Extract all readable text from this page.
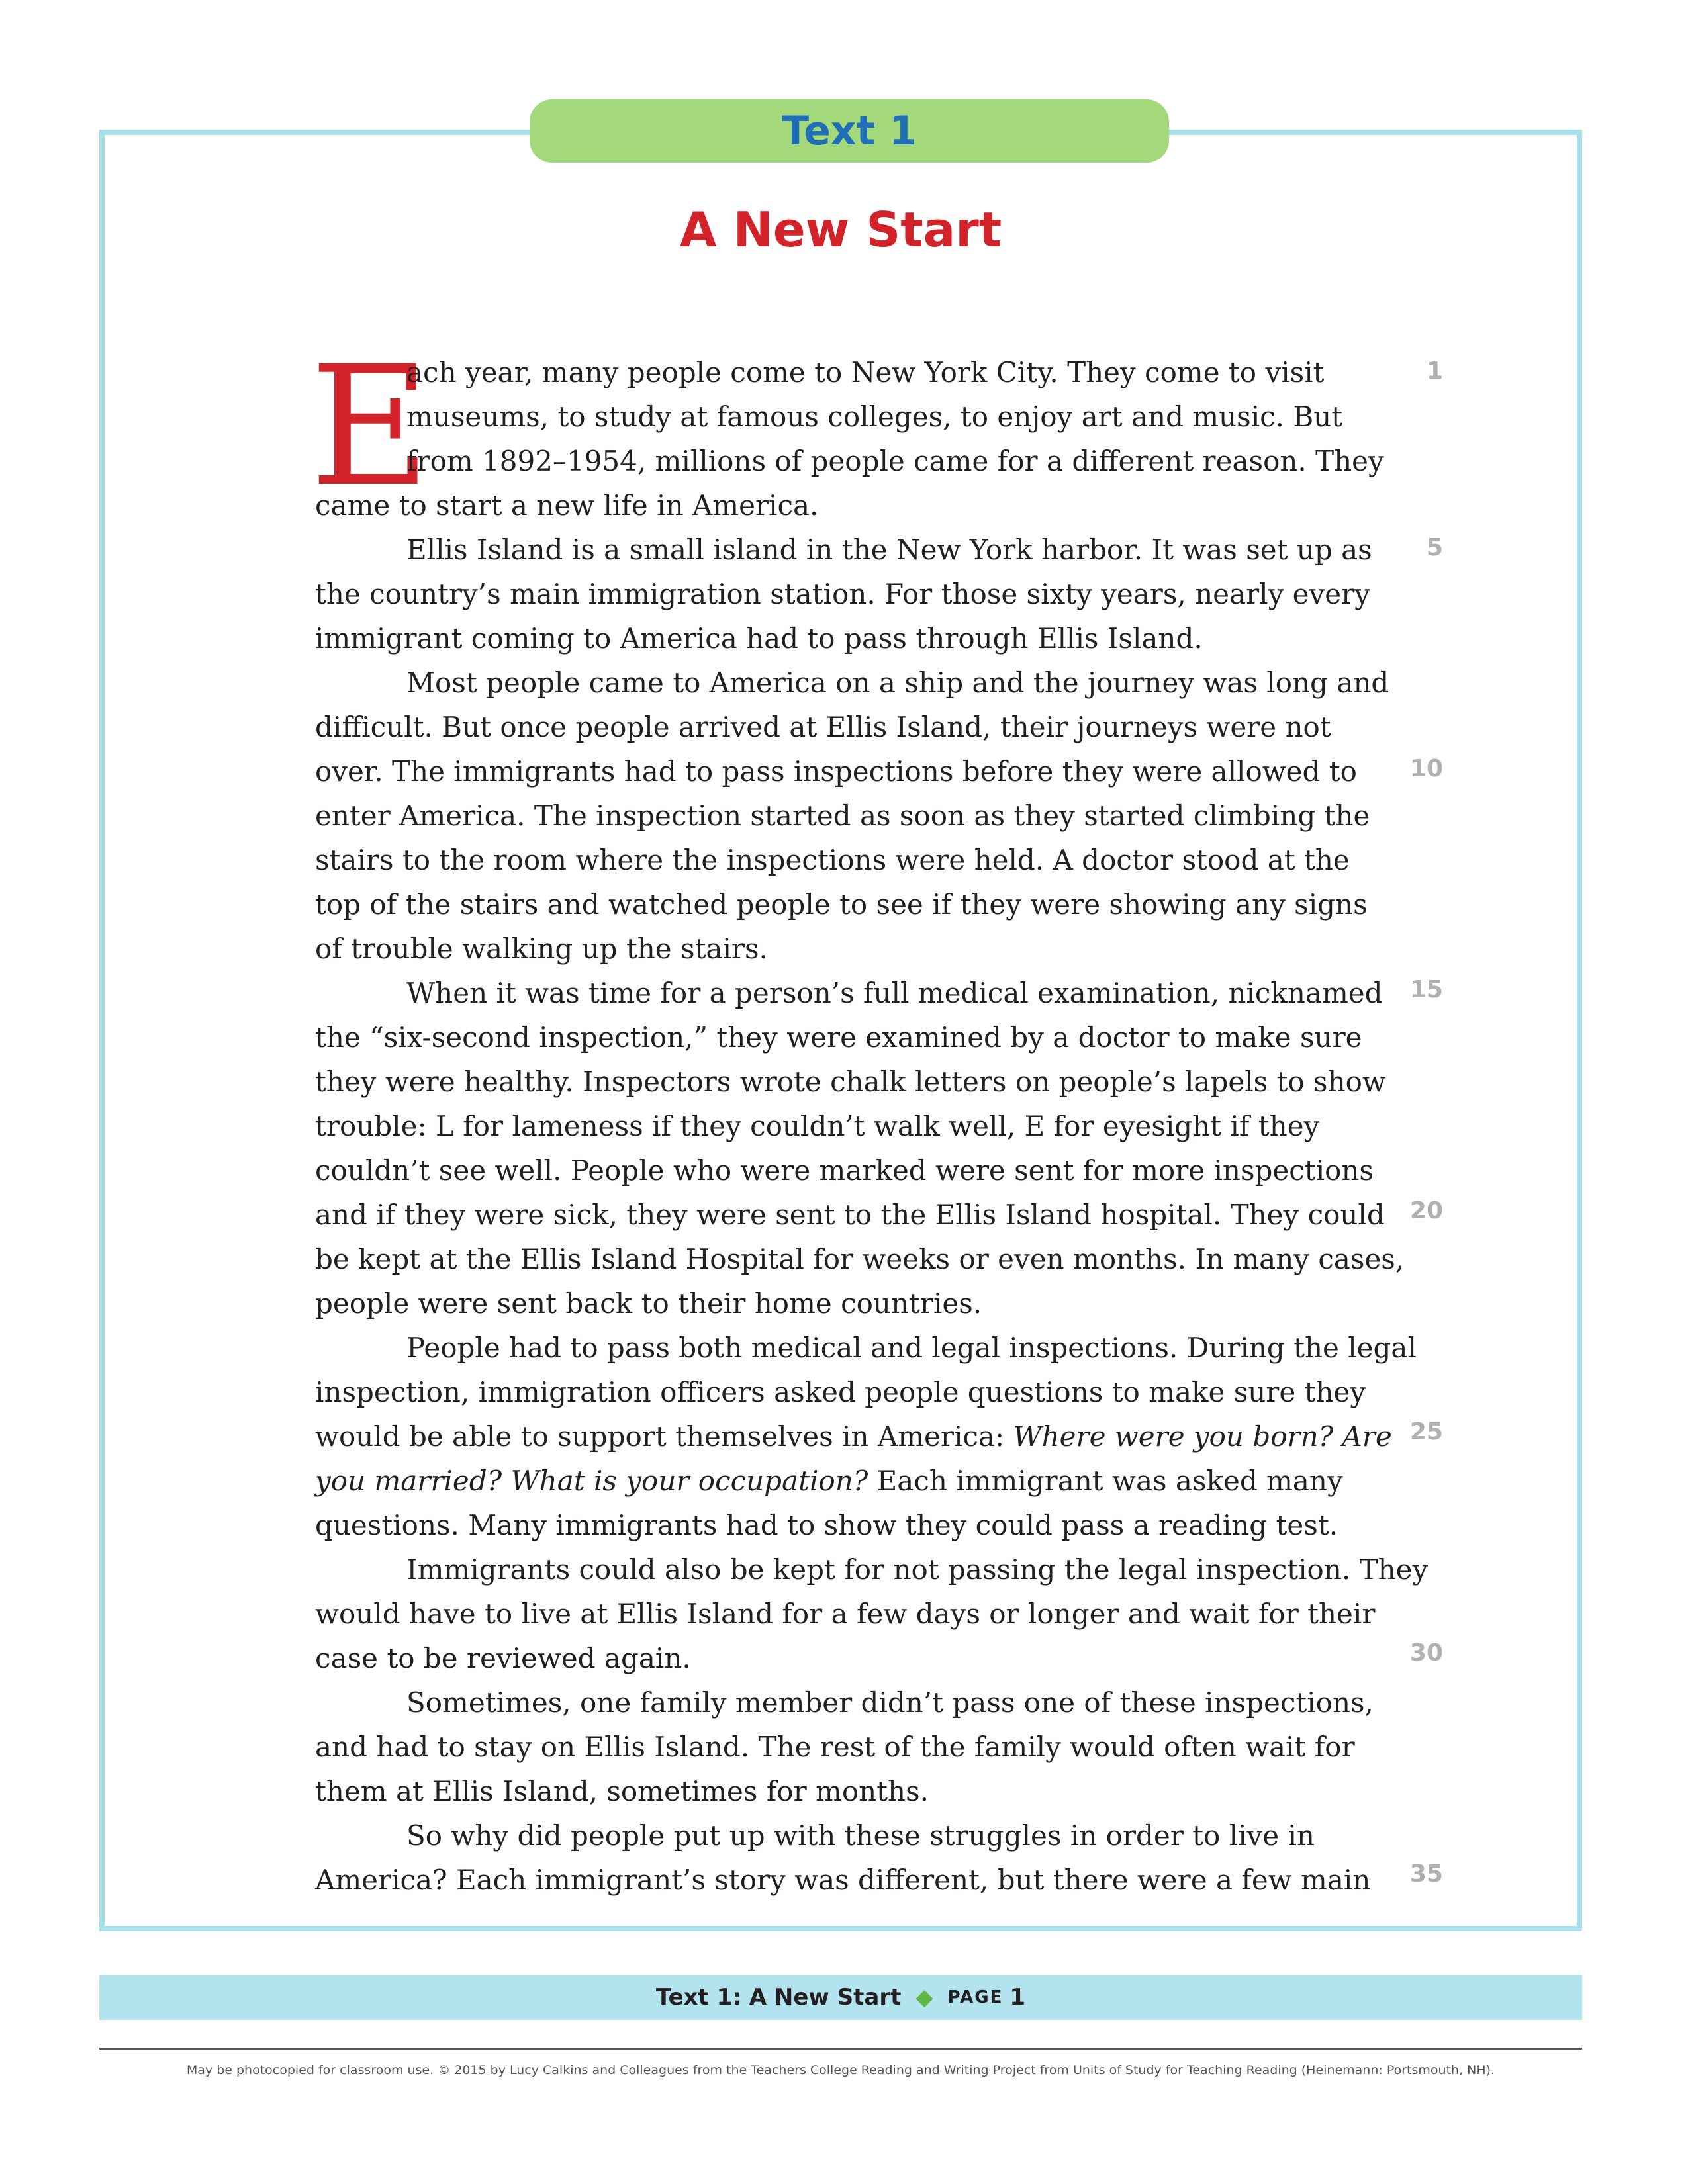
Text 1
A New Start
E
ach year, many people come to New York City. They come to visit
museums, to study at famous colleges, to enjoy art and music. But
from 1892–1954, millions of people came for a different reason. They
came to start a new life in America.
Ellis Island is a small island in the New York harbor. It was set up as
the country’s main immigration station. For those sixty years, nearly every
immigrant coming to America had to pass through Ellis Island.
Most people came to America on a ship and the journey was long and
difficult. But once people arrived at Ellis Island, their journeys were not
over. The immigrants had to pass inspections before they were allowed to
enter America. The inspection started as soon as they started climbing the
stairs to the room where the inspections were held. A doctor stood at the
top of the stairs and watched people to see if they were showing any signs
of trouble walking up the stairs.
When it was time for a person’s full medical examination, nicknamed
the “six-second inspection,” they were examined by a doctor to make sure
they were healthy. Inspectors wrote chalk letters on people’s lapels to show
trouble: L for lameness if they couldn’t walk well, E for eyesight if they
couldn’t see well. People who were marked were sent for more inspections
and if they were sick, they were sent to the Ellis Island hospital. They could
be kept at the Ellis Island Hospital for weeks or even months. In many cases,
people were sent back to their home countries.
People had to pass both medical and legal inspections. During the legal
inspection, immigration officers asked people questions to make sure they
would be able to support themselves in America: Where were you born? Are
you married? What is your occupation? Each immigrant was asked many
questions. Many immigrants had to show they could pass a reading test.
Immigrants could also be kept for not passing the legal inspection. They
would have to live at Ellis Island for a few days or longer and wait for their
case to be reviewed again.
Sometimes, one family member didn’t pass one of these inspections,
and had to stay on Ellis Island. The rest of the family would often wait for
them at Ellis Island, sometimes for months.
So why did people put up with these struggles in order to live in
America? Each immigrant’s story was different, but there were a few main
1
5
10
15
20
25
30
35
Text 1: A New Start ◆ PAGE 1
May be photocopied for classroom use. © 2015 by Lucy Calkins and Colleagues from the Teachers College Reading and Writing Project from Units of Study for Teaching Reading (Heinemann: Portsmouth, NH).
